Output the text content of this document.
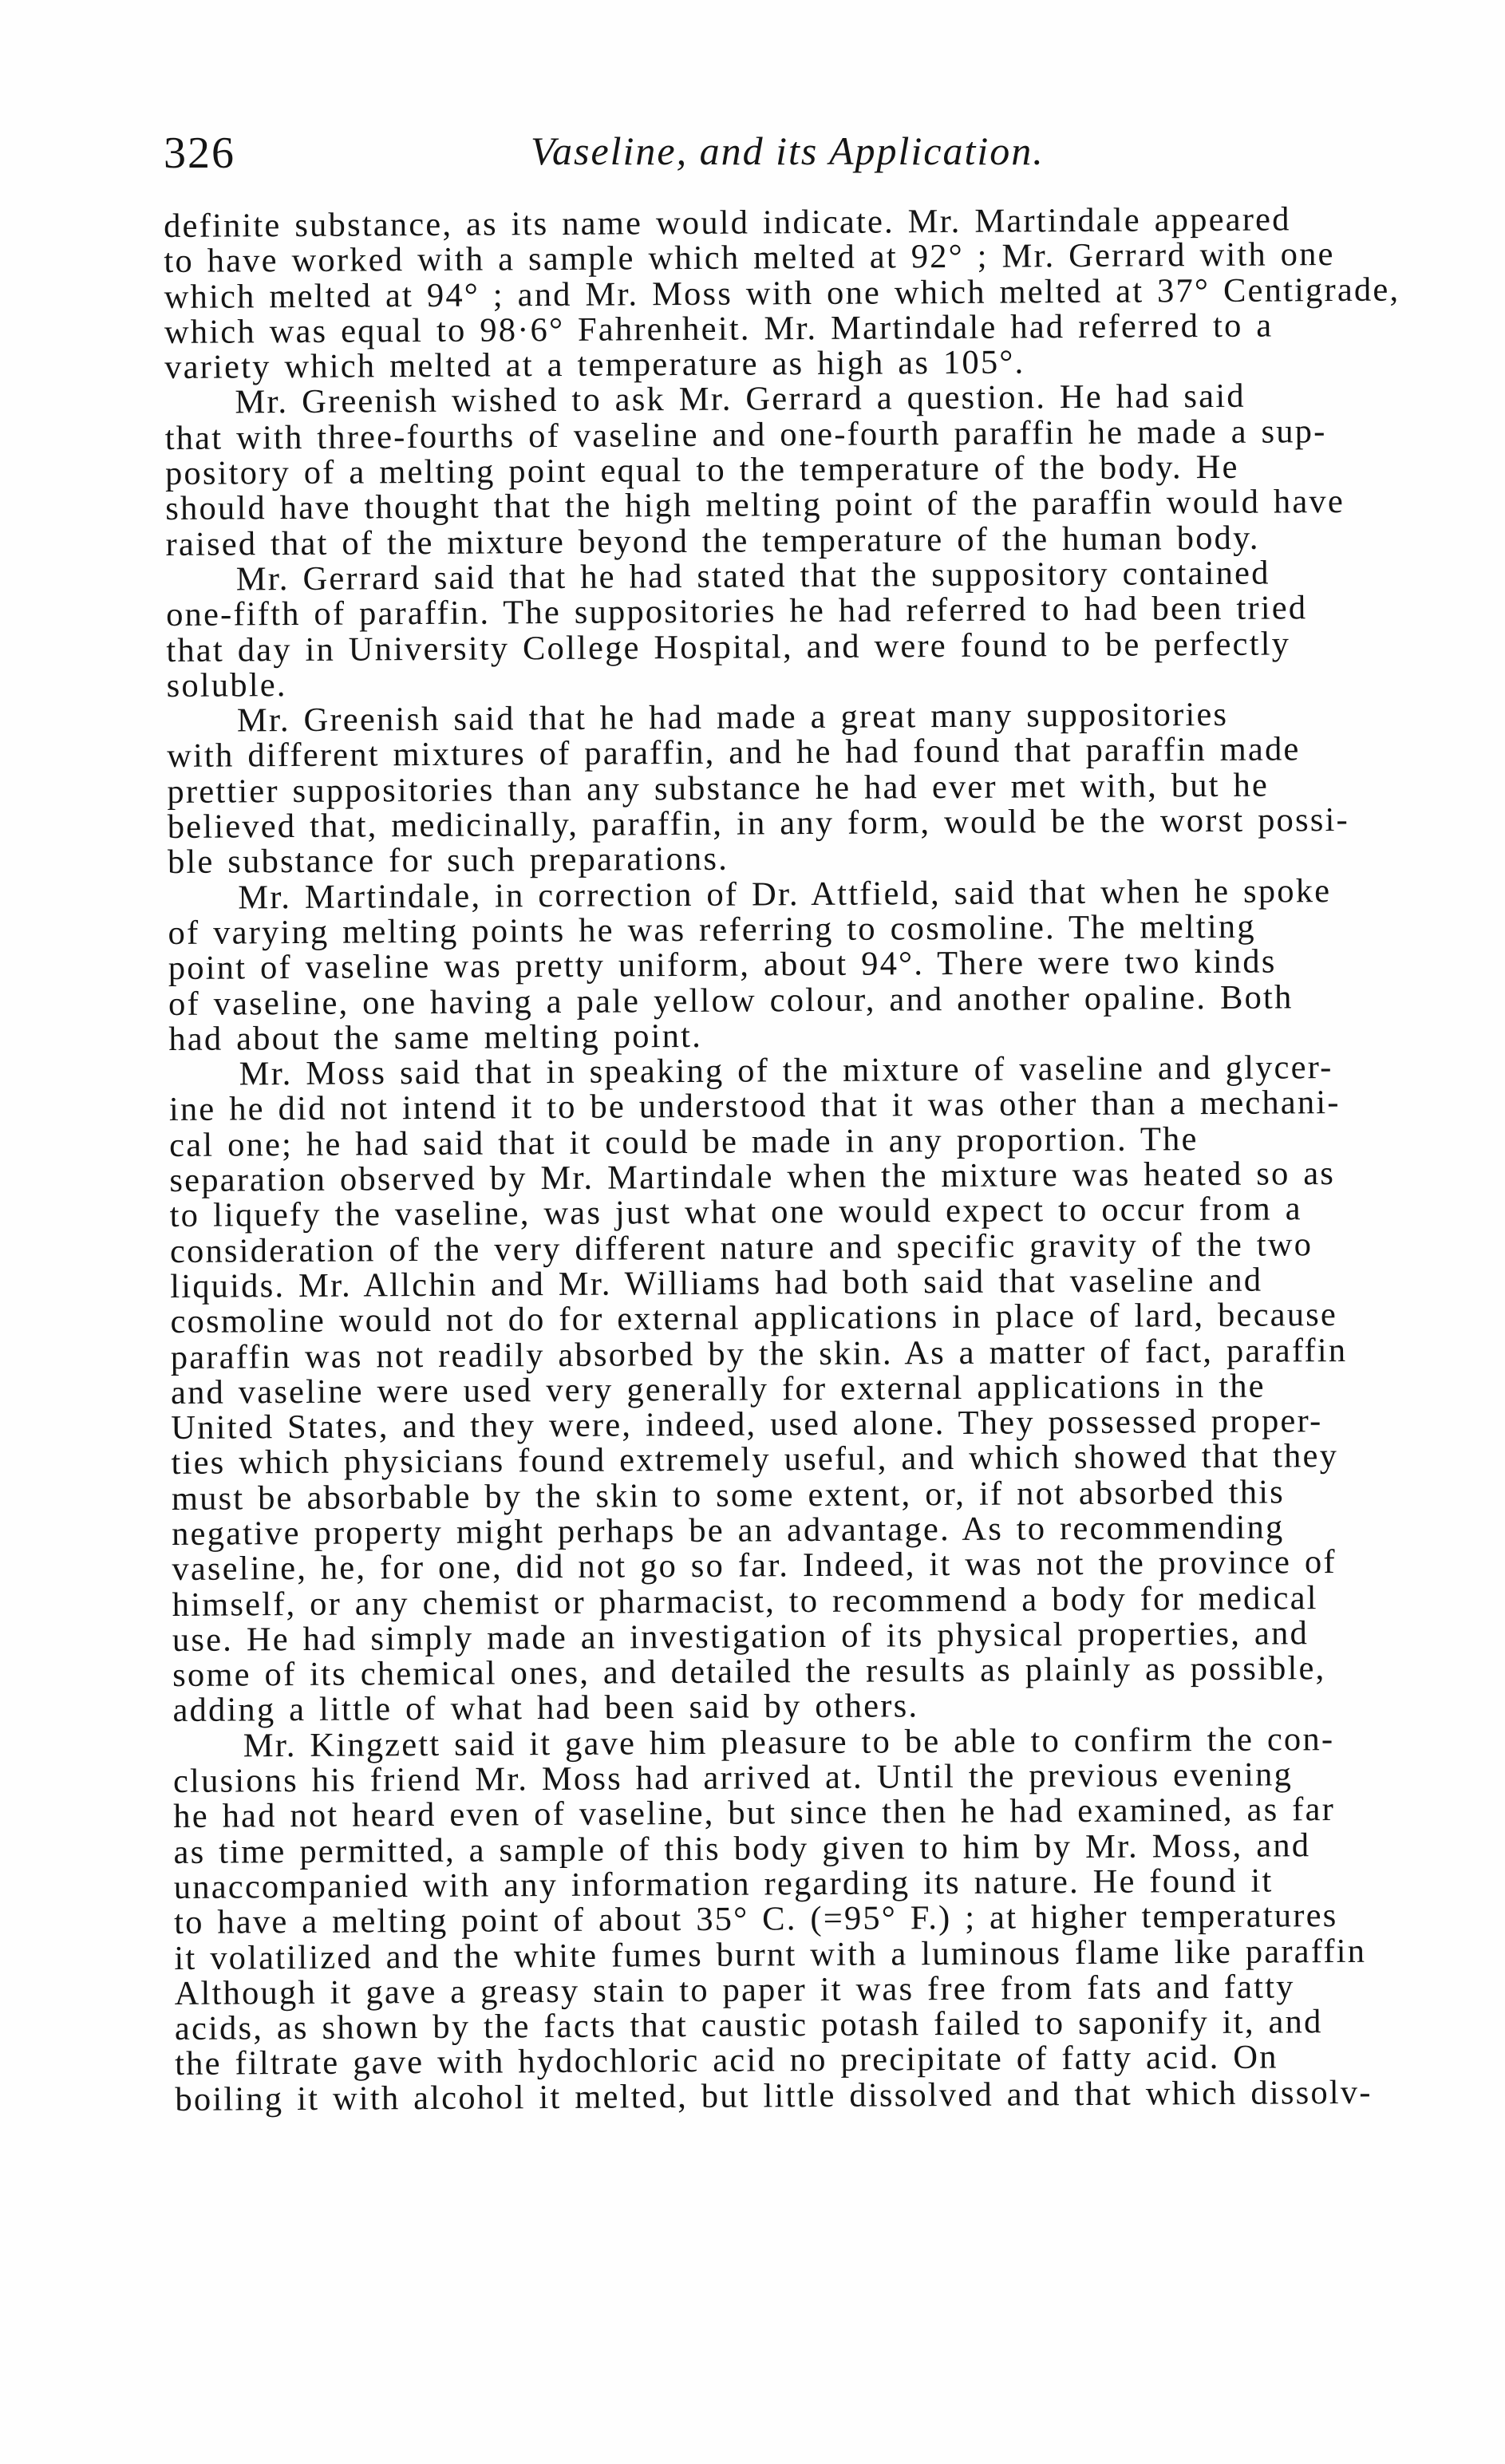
326	Vaseline, and its Application.
definite substance, as its name would indicate. Mr. Martindale appeared
to have worked with a sample which melted at 92° ; Mr. Gerrard with one
which melted at 94° ; and Mr. Moss with one which melted at 37° Centigrade,
which was equal to 98·6° Fahrenheit. Mr. Martindale had referred to a
variety which melted at a temperature as high as 105°.
Mr. Greenish wished to ask Mr. Gerrard a question. He had said
that with three-fourths of vaseline and one-fourth paraffin he made a sup-
pository of a melting point equal to the temperature of the body. He
should have thought that the high melting point of the paraffin would have
raised that of the mixture beyond the temperature of the human body.
Mr. Gerrard said that he had stated that the suppository contained
one-fifth of paraffin. The suppositories he had referred to had been tried
that day in University College Hospital, and were found to be perfectly
soluble.
Mr. Greenish said that he had made a great many suppositories
with different mixtures of paraffin, and he had found that paraffin made
prettier suppositories than any substance he had ever met with, but he
believed that, medicinally, paraffin, in any form, would be the worst possi-
ble substance for such preparations.
Mr. Martindale, in correction of Dr. Attfield, said that when he spoke
of varying melting points he was referring to cosmoline. The melting
point of vaseline was pretty uniform, about 94°. There were two kinds
of vaseline, one having a pale yellow colour, and another opaline. Both
had about the same melting point.
Mr. Moss said that in speaking of the mixture of vaseline and glycer-
ine he did not intend it to be understood that it was other than a mechani-
cal one; he had said that it could be made in any proportion. The
separation observed by Mr. Martindale when the mixture was heated so as
to liquefy the vaseline, was just what one would expect to occur from a
consideration of the very different nature and specific gravity of the two
liquids. Mr. Allchin and Mr. Williams had both said that vaseline and
cosmoline would not do for external applications in place of lard, because
paraffin was not readily absorbed by the skin. As a matter of fact, paraffin
and vaseline were used very generally for external applications in the
United States, and they were, indeed, used alone. They possessed proper-
ties which physicians found extremely useful, and which showed that they
must be absorbable by the skin to some extent, or, if not absorbed this
negative property might perhaps be an advantage. As to recommending
vaseline, he, for one, did not go so far. Indeed, it was not the province of
himself, or any chemist or pharmacist, to recommend a body for medical
use. He had simply made an investigation of its physical properties, and
some of its chemical ones, and detailed the results as plainly as possible,
adding a little of what had been said by others.
Mr. Kingzett said it gave him pleasure to be able to confirm the con-
clusions his friend Mr. Moss had arrived at. Until the previous evening
he had not heard even of vaseline, but since then he had examined, as far
as time permitted, a sample of this body given to him by Mr. Moss, and
unaccompanied with any information regarding its nature. He found it
to have a melting point of about 35° C. (=95° F.) ; at higher temperatures
it volatilized and the white fumes burnt with a luminous flame like paraffin
Although it gave a greasy stain to paper it was free from fats and fatty
acids, as shown by the facts that caustic potash failed to saponify it, and
the filtrate gave with hydochloric acid no precipitate of fatty acid. On
boiling it with alcohol it melted, but little dissolved and that which dissolv-
